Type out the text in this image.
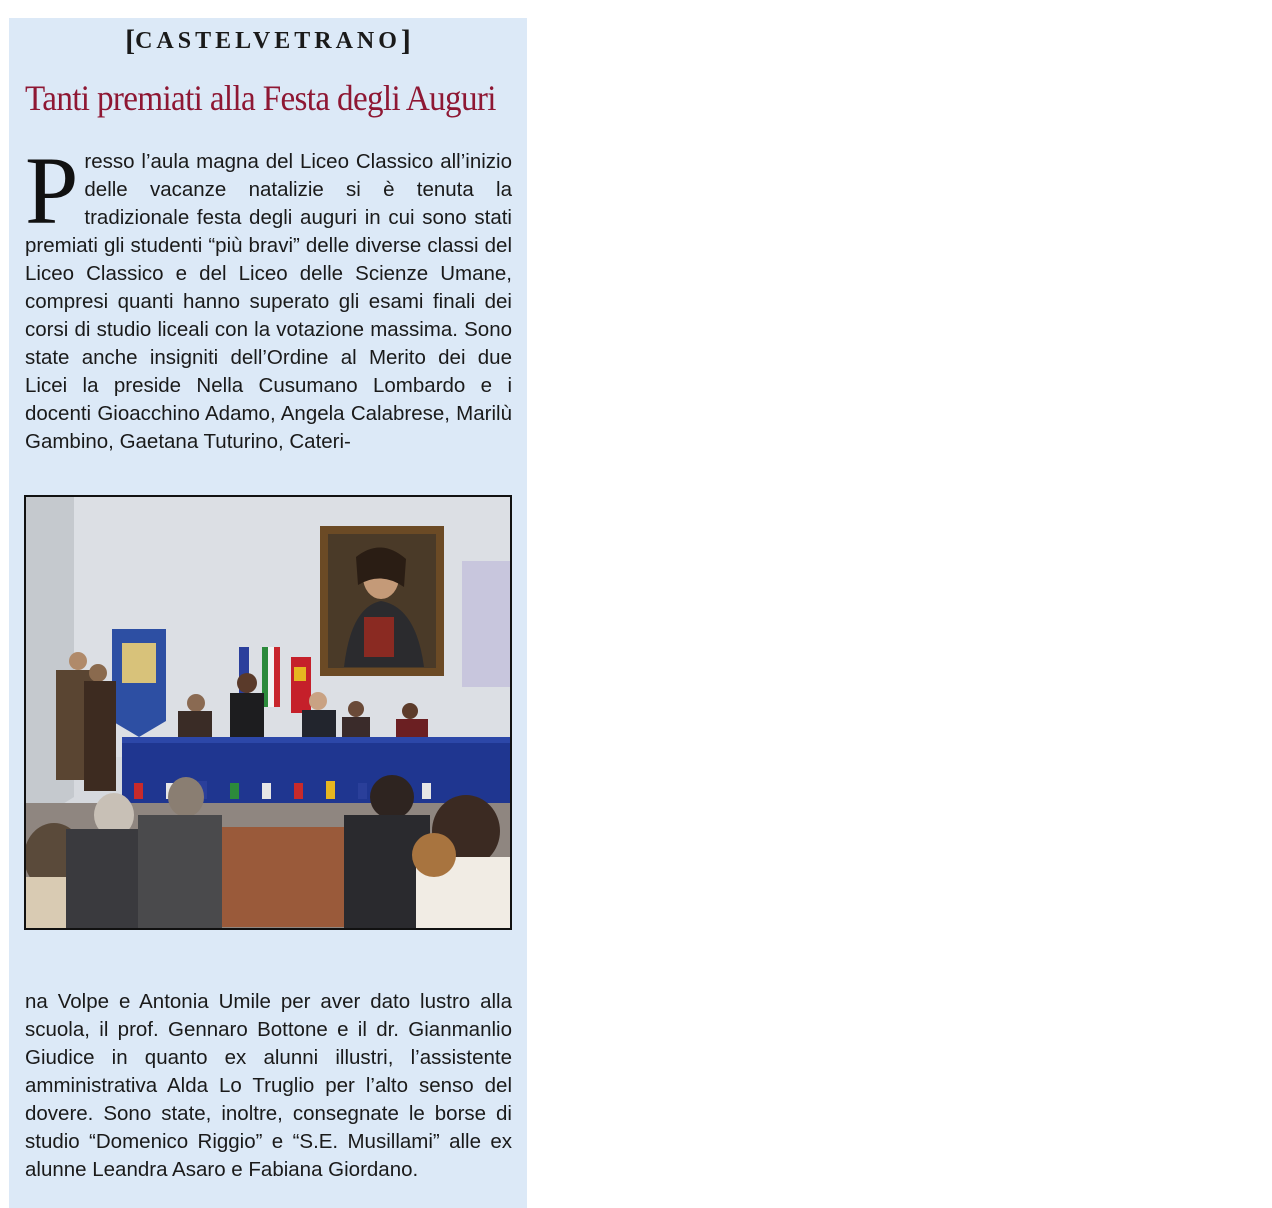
[CASTELVETRANO]
Tanti premiati alla Festa degli Auguri

Presso l’aula magna del Liceo Classico all’inizio delle vacanze natalizie si è tenuta la tradizionale festa degli auguri in cui sono stati premiati gli studenti “più bravi” delle diverse classi del Liceo Classico e del Liceo delle Scienze Umane, compresi quanti hanno superato gli esami finali dei corsi di studio liceali con la votazione massima. Sono state anche insigniti dell’Ordine al Merito dei due Licei la preside Nella Cusumano Lombardo e i docenti Gioacchino Adamo, Angela Calabrese, Marilù Gambino, Gaetana Tuturino, Cateri-

na Volpe e Antonia Umile per aver dato lustro alla scuola, il prof. Gennaro Bottone e il dr. Gianmanlio Giudice in quanto ex alunni illustri, l’assistente amministrativa Alda Lo Truglio per l’alto senso del dovere. Sono state, inoltre, consegnate le borse di studio “Domenico Riggio” e “S.E. Musillami” alle ex alunne Leandra Asaro e Fabiana Giordano.
